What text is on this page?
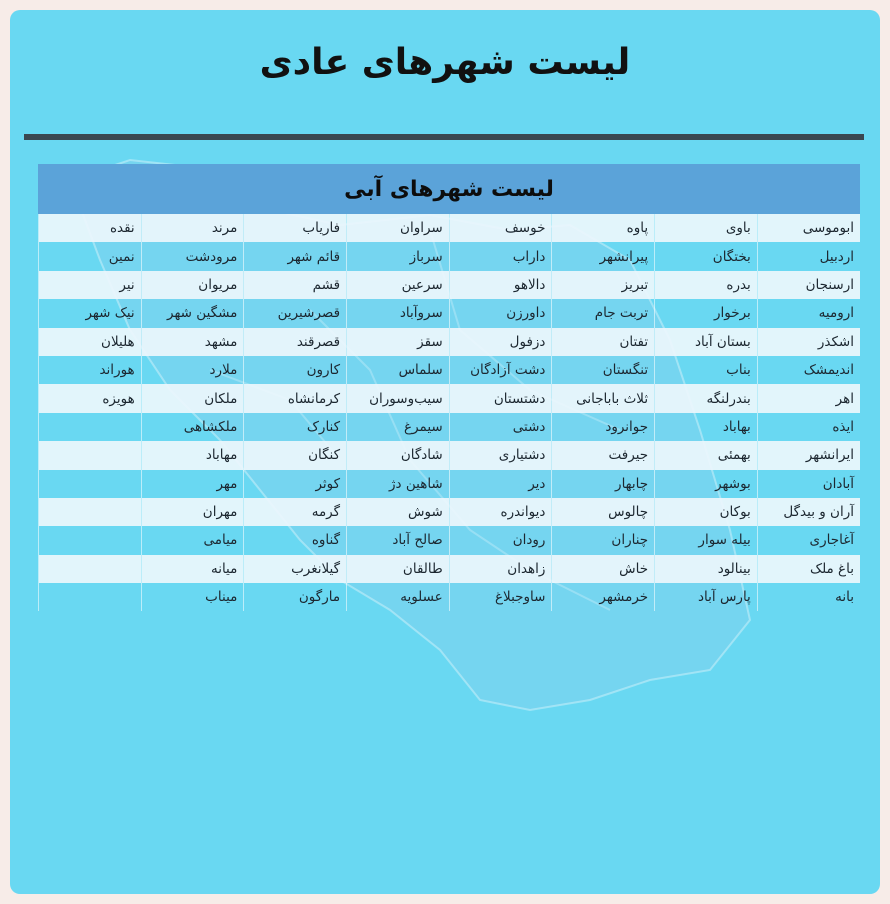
لیست شهرهای عادی
لیست شهرهای آبی
ابوموسی	باوی	پاوه	خوسف	سراوان	فاریاب	مرند	نقده
اردبیل	بختگان	پیرانشهر	داراب	سرباز	قائم شهر	مرودشت	نمین
ارسنجان	بدره	تبریز	دالاهو	سرعین	قشم	مریوان	نیر
ارومیه	برخوار	تربت جام	داورزن	سروآباد	قصرشیرین	مشگین شهر	نیک شهر
اشکذر	بستان آباد	تفتان	دزفول	سقز	قصرقند	مشهد	هلیلان
اندیمشک	بناب	تنگستان	دشت آزادگان	سلماس	کارون	ملارد	هوراند
اهر	بندرلنگه	ثلاث باباجانی	دشتستان	سیب‌وسوران	کرمانشاه	ملکان	هویزه
ایذه	بهاباد	جوانرود	دشتی	سیمرغ	کنارک	ملکشاهی	
ایرانشهر	بهمئی	جیرفت	دشتیاری	شادگان	کنگان	مهاباد	
آبادان	بوشهر	چابهار	دیر	شاهین دژ	کوثر	مهر	
آران و بیدگل	بوکان	چالوس	دیواندره	شوش	گرمه	مهران	
آغاجاری	بیله سوار	چناران	رودان	صالح آباد	گناوه	میامی	
باغ ملک	بینالود	خاش	زاهدان	طالقان	گیلانغرب	میانه	
بانه	پارس آباد	خرمشهر	ساوجبلاغ	عسلویه	مارگون	میناب	
